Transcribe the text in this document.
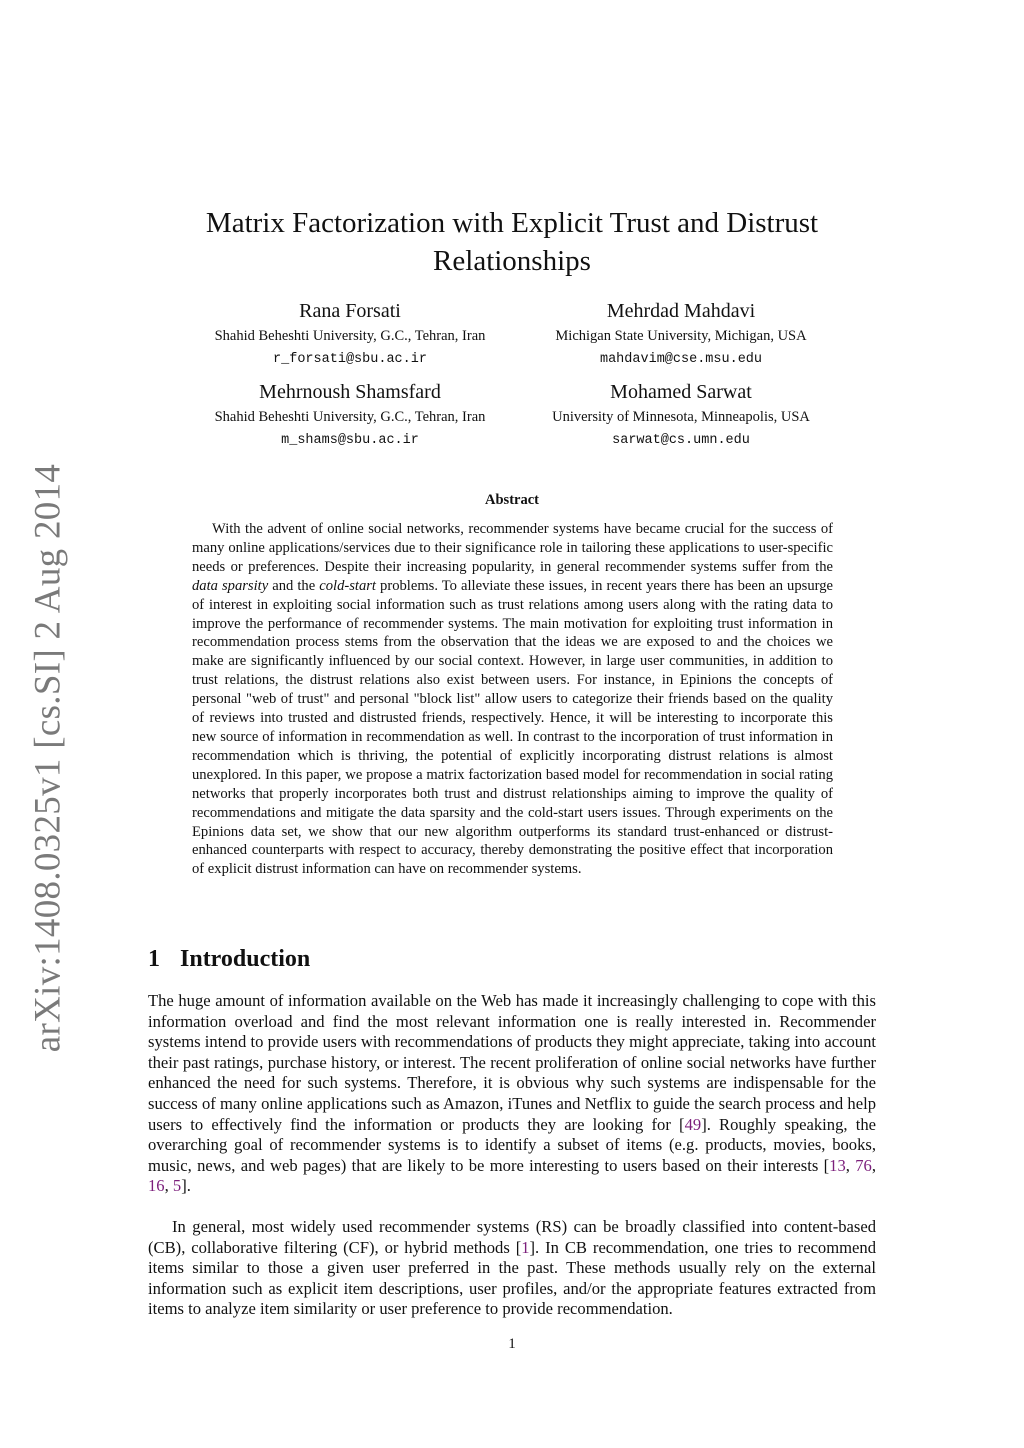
arXiv:1408.0325v1 [cs.SI] 2 Aug 2014
Matrix Factorization with Explicit Trust and Distrust Relationships
Rana Forsati
Shahid Beheshti University, G.C., Tehran, Iran
r_forsati@sbu.ac.ir
Mehrdad Mahdavi
Michigan State University, Michigan, USA
mahdavim@cse.msu.edu
Mehrnoush Shamsfard
Shahid Beheshti University, G.C., Tehran, Iran
m_shams@sbu.ac.ir
Mohamed Sarwat
University of Minnesota, Minneapolis, USA
sarwat@cs.umn.edu
Abstract

With the advent of online social networks, recommender systems have became crucial for the success of many online applications/services due to their significance role in tailoring these applications to user-specific needs or preferences. Despite their increasing popularity, in general recommender systems suffer from the data sparsity and the cold-start problems. To alleviate these issues, in recent years there has been an upsurge of interest in exploiting social information such as trust relations among users along with the rating data to improve the performance of recommender systems. The main motivation for exploiting trust information in recommendation process stems from the observation that the ideas we are exposed to and the choices we make are significantly influenced by our social context. However, in large user communities, in addition to trust relations, the distrust relations also exist between users. For instance, in Epinions the concepts of personal "web of trust" and personal "block list" allow users to categorize their friends based on the quality of reviews into trusted and distrusted friends, respectively. Hence, it will be interesting to incorporate this new source of information in recommendation as well. In contrast to the incorporation of trust information in recommendation which is thriving, the potential of explicitly incorporating distrust relations is almost unexplored. In this paper, we propose a matrix factorization based model for recommendation in social rating networks that properly incorporates both trust and distrust relationships aiming to improve the quality of recommendations and mitigate the data sparsity and the cold-start users issues. Through experiments on the Epinions data set, we show that our new algorithm outperforms its standard trust-enhanced or distrust-enhanced counterparts with respect to accuracy, thereby demonstrating the positive effect that incorporation of explicit distrust information can have on recommender systems.

1 Introduction

The huge amount of information available on the Web has made it increasingly challenging to cope with this information overload and find the most relevant information one is really interested in. Recommender systems intend to provide users with recommendations of products they might appreciate, taking into account their past ratings, purchase history, or interest. The recent proliferation of online social networks have further enhanced the need for such systems. Therefore, it is obvious why such systems are indispensable for the success of many online applications such as Amazon, iTunes and Netflix to guide the search process and help users to effectively find the information or products they are looking for [49]. Roughly speaking, the overarching goal of recommender systems is to identify a subset of items (e.g. products, movies, books, music, news, and web pages) that are likely to be more interesting to users based on their interests [13, 76, 16, 5].

In general, most widely used recommender systems (RS) can be broadly classified into content-based (CB), collaborative filtering (CF), or hybrid methods [1]. In CB recommendation, one tries to recommend items similar to those a given user preferred in the past. These methods usually rely on the external information such as explicit item descriptions, user profiles, and/or the appropriate features extracted from items to analyze item similarity or user preference to provide recommendation.

1
